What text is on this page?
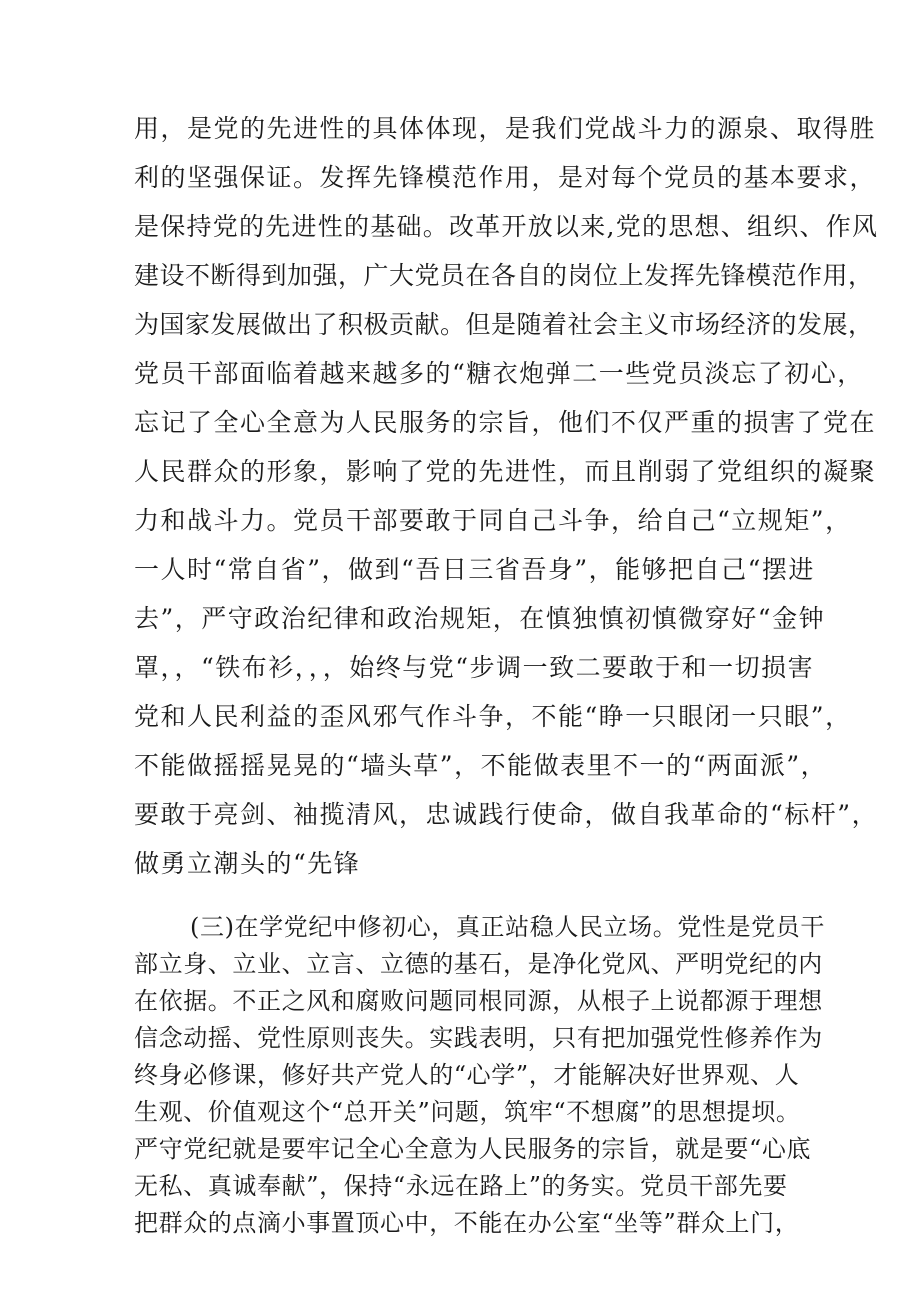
用，是党的先进性的具体体现，是我们党战斗力的源泉、取得胜
利的坚强保证。发挥先锋模范作用，是对每个党员的基本要求，
是保持党的先进性的基础。改革开放以来,党的思想、组织、作风
建设不断得到加强，广大党员在各自的岗位上发挥先锋模范作用，
为国家发展做出了积极贡献。但是随着社会主义市场经济的发展，
党员干部面临着越来越多的“糖衣炮弹二一些党员淡忘了初心，
忘记了全心全意为人民服务的宗旨，他们不仅严重的损害了党在
人民群众的形象，影响了党的先进性，而且削弱了党组织的凝聚
力和战斗力。党员干部要敢于同自己斗争，给自己“立规矩”，
一人时“常自省”，做到“吾日三省吾身”，能够把自己“摆进
去”，严守政治纪律和政治规矩，在慎独慎初慎微穿好“金钟
罩，，“铁布衫，，，始终与党“步调一致二要敢于和一切损害
党和人民利益的歪风邪气作斗争，不能“睁一只眼闭一只眼”，
不能做摇摇晃晃的“墙头草”，不能做表里不一的“两面派”，
要敢于亮剑、袖揽清风，忠诚践行使命，做自我革命的“标杆”，
做勇立潮头的“先锋
(三)在学党纪中修初心，真正站稳人民立场。党性是党员干
部立身、立业、立言、立德的基石，是净化党风、严明党纪的内
在依据。不正之风和腐败问题同根同源，从根子上说都源于理想
信念动摇、党性原则丧失。实践表明，只有把加强党性修养作为
终身必修课，修好共产党人的“心学”，才能解决好世界观、人
生观、价值观这个“总开关”问题，筑牢“不想腐”的思想提坝。
严守党纪就是要牢记全心全意为人民服务的宗旨，就是要“心底
无私、真诚奉献”，保持“永远在路上”的务实。党员干部先要
把群众的点滴小事置顶心中，不能在办公室“坐等”群众上门，
